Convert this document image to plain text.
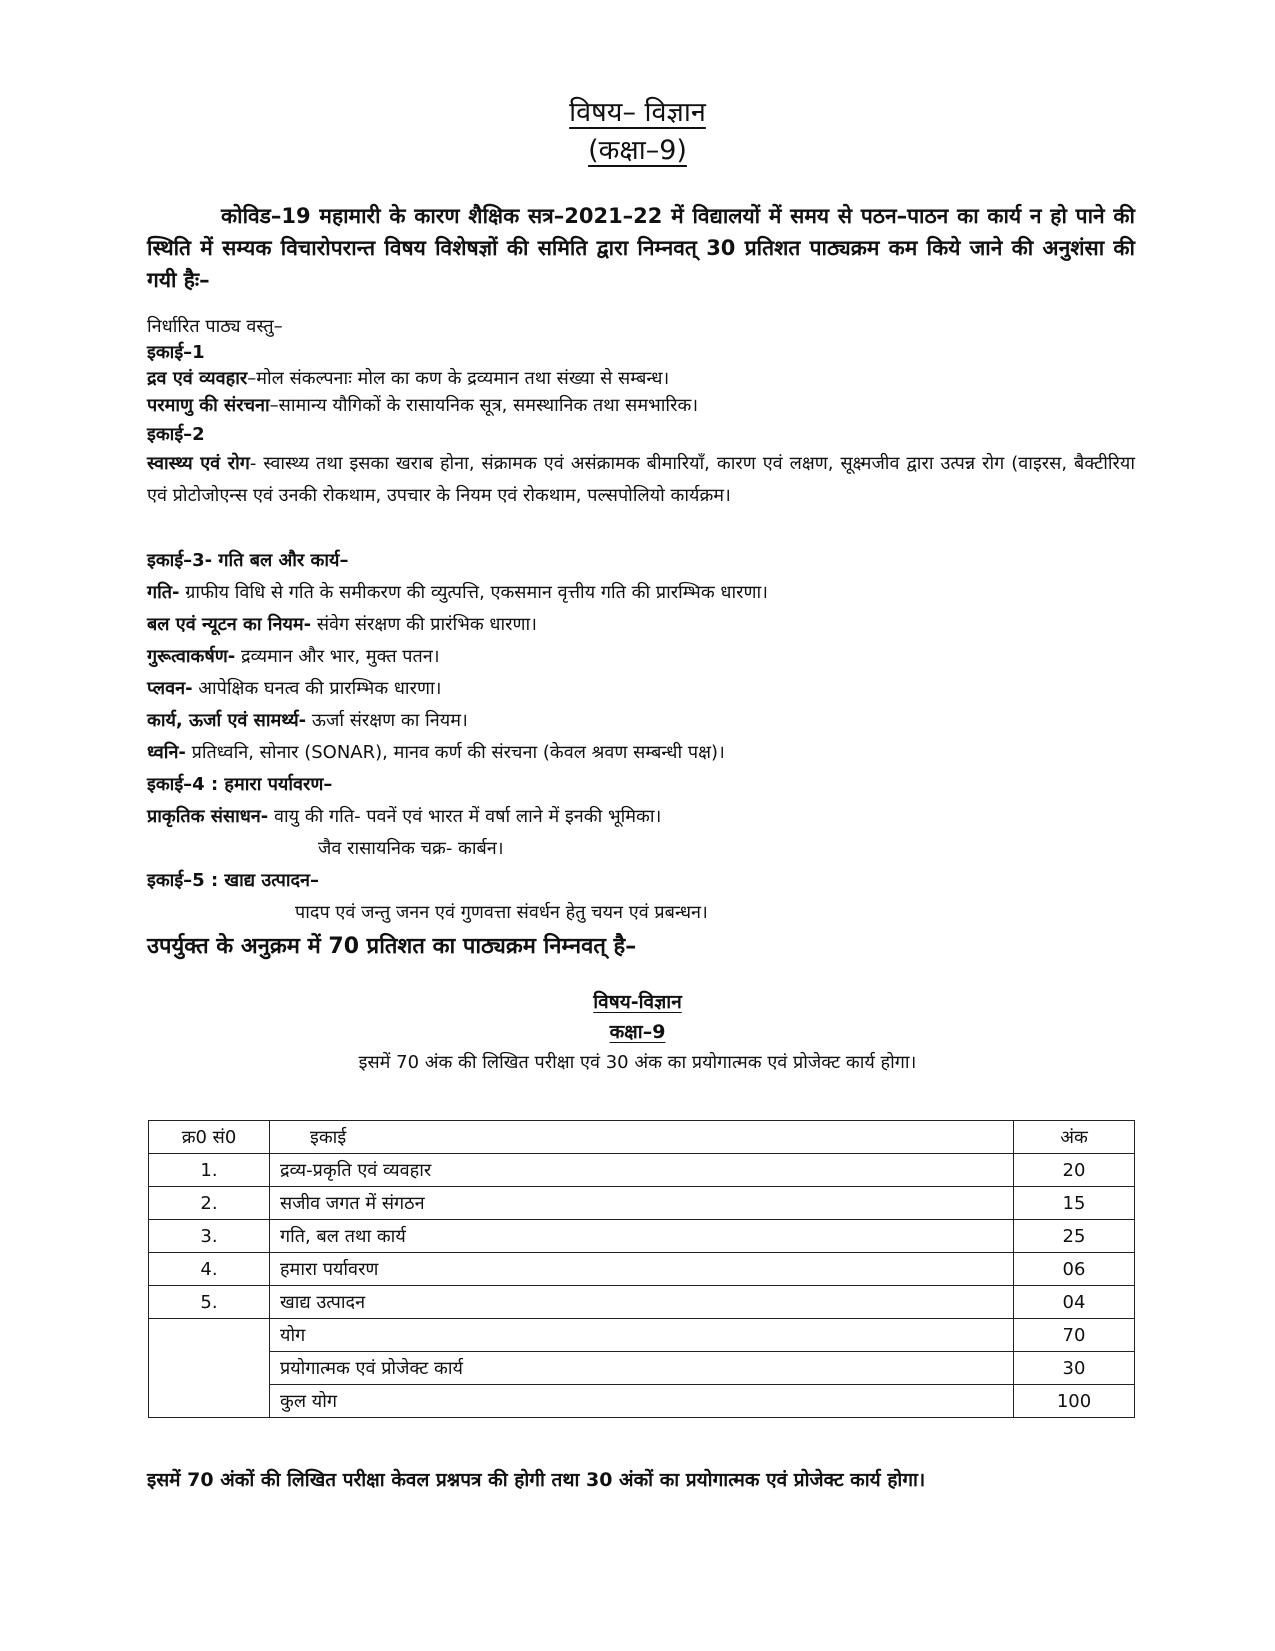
विषय– विज्ञान
(कक्षा–9)

कोविड–19 महामारी के कारण शैक्षिक सत्र–2021–22 में विद्यालयों में समय से पठन–पाठन का कार्य न हो पाने की स्थिति में सम्यक विचारोपरान्त विषय विशेषज्ञों की समिति द्वारा निम्नवत् 30 प्रतिशत पाठ्यक्रम कम किये जाने की अनुशंसा की गयी हैः–

निर्धारित पाठ्य वस्तु–
इकाई–1
द्रव एवं व्यवहार–मोल संकल्पनाः मोल का कण के द्रव्यमान तथा संख्या से सम्बन्ध।
परमाणु की संरचना–सामान्य यौगिकों के रासायनिक सूत्र, समस्थानिक तथा समभारिक।
इकाई–2

स्वास्थ्य एवं रोग- स्वास्थ्य तथा इसका खराब होना, संक्रामक एवं असंक्रामक बीमारियाँ, कारण एवं लक्षण, सूक्ष्मजीव द्वारा उत्पन्न रोग (वाइरस, बैक्टीरिया एवं प्रोटोजोएन्स एवं उनकी रोकथाम, उपचार के नियम एवं रोकथाम, पल्सपोलियो कार्यक्रम।

इकाई–3- गति बल और कार्य–
गति- ग्राफीय विधि से गति के समीकरण की व्युत्पत्ति, एकसमान वृत्तीय गति की प्रारम्भिक धारणा।
बल एवं न्यूटन का नियम- संवेग संरक्षण की प्रारंभिक धारणा।
गुरूत्वाकर्षण- द्रव्यमान और भार, मुक्त पतन।
प्लवन- आपेक्षिक घनत्व की प्रारम्भिक धारणा।
कार्य, ऊर्जा एवं सामर्थ्य- ऊर्जा संरक्षण का नियम।
ध्वनि- प्रतिध्वनि, सोनार (SONAR), मानव कर्ण की संरचना (केवल श्रवण सम्बन्धी पक्ष)।
इकाई–4 : हमारा पर्यावरण–
प्राकृतिक संसाधन- वायु की गति- पवनें एवं भारत में वर्षा लाने में इनकी भूमिका।
जैव रासायनिक चक्र- कार्बन।
इकाई–5 : खाद्य उत्पादन–
पादप एवं जन्तु जनन एवं गुणवत्ता संवर्धन हेतु चयन एवं प्रबन्धन।
उपर्युक्त के अनुक्रम में 70 प्रतिशत का पाठ्यक्रम निम्नवत् है–
विषय-विज्ञान
कक्षा–9
इसमें 70 अंक की लिखित परीक्षा एवं 30 अंक का प्रयोगात्मक एवं प्रोजेक्ट कार्य होगा।
क्र0 सं0	इकाई	अंक
1.	द्रव्य-प्रकृति एवं व्यवहार	20
2.	सजीव जगत में संगठन	15
3.	गति, बल तथा कार्य	25
4.	हमारा पर्यावरण	06
5.	खाद्य उत्पादन	04
	योग	70
	प्रयोगात्मक एवं प्रोजेक्ट कार्य	30
	कुल योग	100
इसमें 70 अंकों की लिखित परीक्षा केवल प्रश्नपत्र की होगी तथा 30 अंकों का प्रयोगात्मक एवं प्रोजेक्ट कार्य होगा।
